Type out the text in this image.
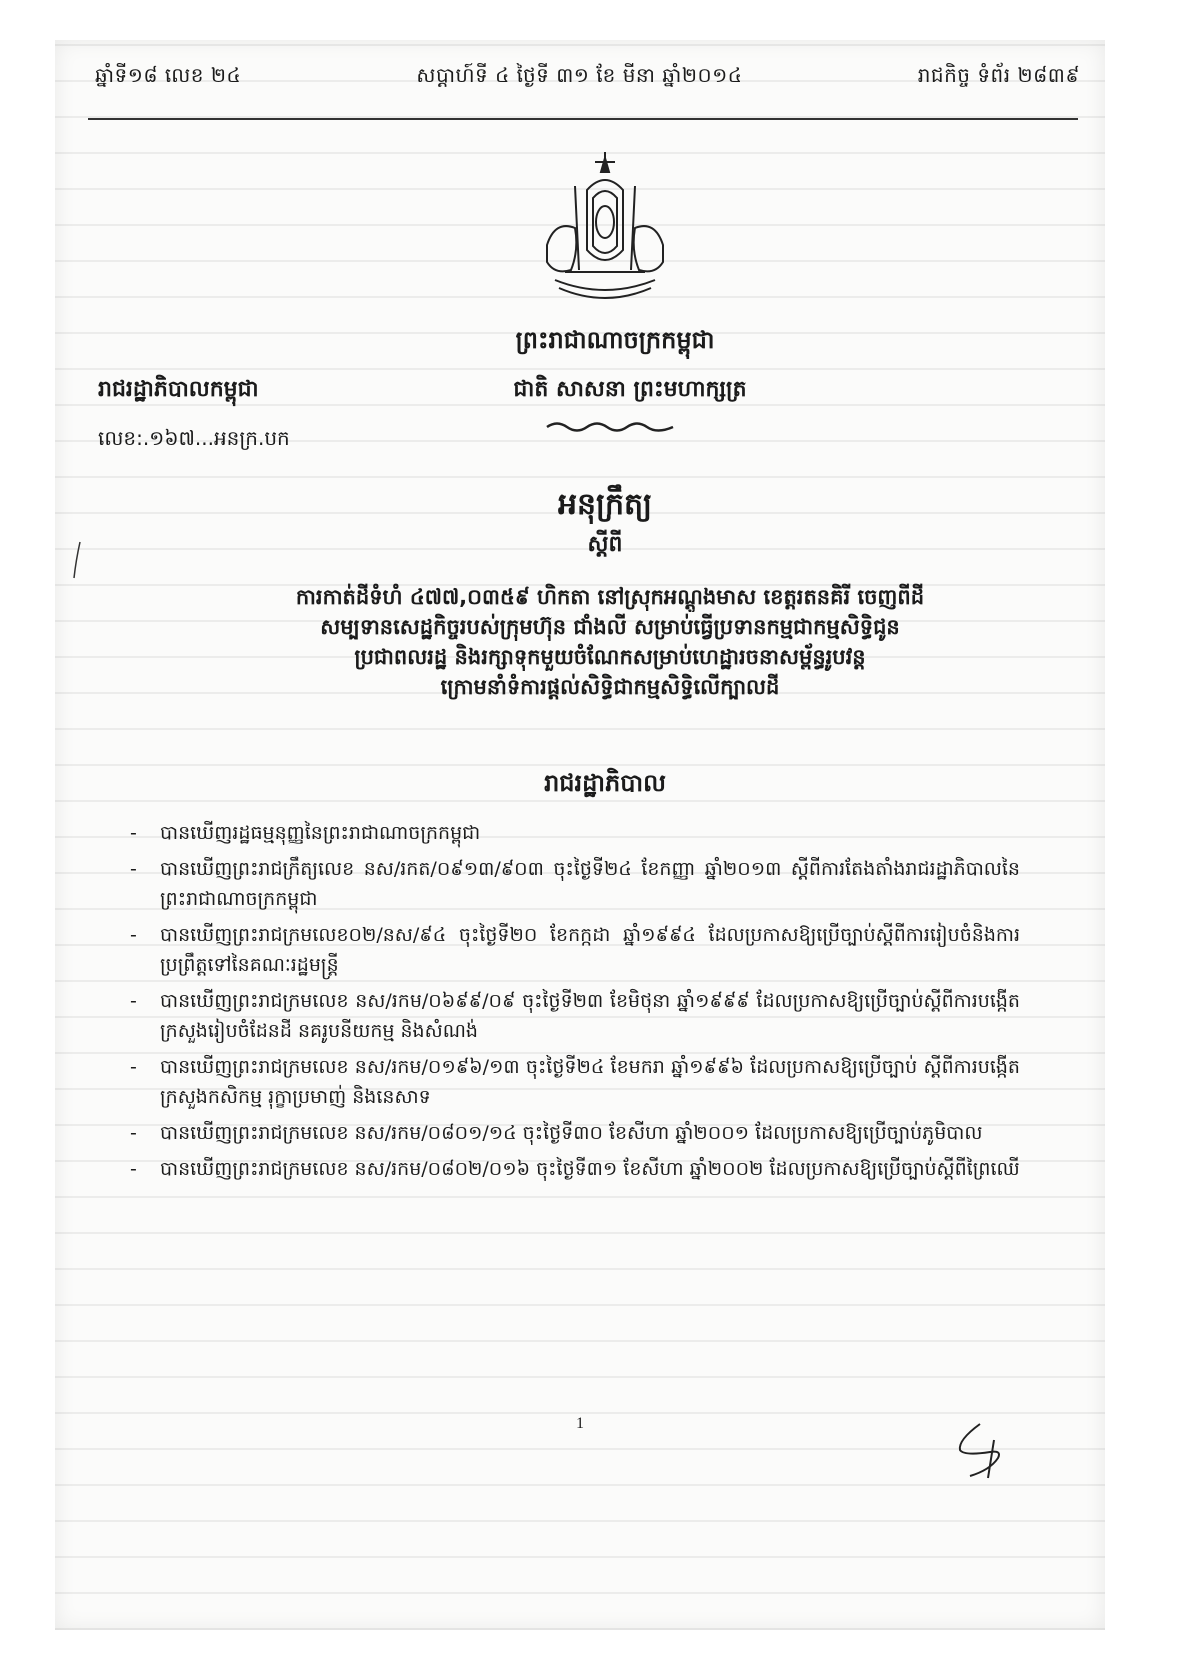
ឆ្នាំទី១៨ លេខ ២៤	សប្តាហ៍ទី ៤ ថ្ងៃទី ៣១ ខែ មីនា ឆ្នាំ២០១៤	រាជកិច្ច ទំព័រ ២៨៣៩
ព្រះរាជាណាចក្រកម្ពុជា
រាជរដ្ឋាភិបាលកម្ពុជា	ជាតិ សាសនា ព្រះមហាក្សត្រ
លេខ:.១៦៧...អនក្រ.បក
អនុក្រឹត្យ
ស្តីពី
ការកាត់ដីទំហំ ៤៧៧,០៣៥៩ ហិកតា នៅស្រុកអណ្តូងមាស ខេត្តរតនគិរី ចេញពីដី
សម្បទានសេដ្ឋកិច្ចរបស់ក្រុមហ៊ុន ជាំងលី សម្រាប់ធ្វើប្រទានកម្មជាកម្មសិទ្ធិជូន
ប្រជាពលរដ្ឋ និងរក្សាទុកមួយចំណែកសម្រាប់ហេដ្ឋារចនាសម្ព័ន្ធរូបវន្ត
ក្រោមនាំទំការផ្តល់សិទ្ធិជាកម្មសិទ្ធិលើក្បាលដី
រាជរដ្ឋាភិបាល
- បានឃើញរដ្ឋធម្មនុញ្ញនៃព្រះរាជាណាចក្រកម្ពុជា
- បានឃើញព្រះរាជក្រឹត្យលេខ នស/រកត/០៩១៣/៩០៣ ចុះថ្ងៃទី២៤ ខែកញ្ញា ឆ្នាំ២០១៣ ស្តីពីការតែងតាំងរាជរដ្ឋាភិបាលនៃព្រះរាជាណាចក្រកម្ពុជា
- បានឃើញព្រះរាជក្រមលេខ០២/នស/៩៤ ចុះថ្ងៃទី២០ ខែកក្កដា ឆ្នាំ១៩៩៤ ដែលប្រកាសឱ្យប្រើច្បាប់ស្តីពីការរៀបចំនិងការប្រព្រឹត្តទៅនៃគណៈរដ្ឋមន្ត្រី
- បានឃើញព្រះរាជក្រមលេខ នស/រកម/០៦៩៩/០៩ ចុះថ្ងៃទី២៣ ខែមិថុនា ឆ្នាំ១៩៩៩ ដែលប្រកាសឱ្យប្រើច្បាប់ស្តីពីការបង្កើតក្រសួងរៀបចំដែនដី នគរូបនីយកម្ម និងសំណង់
- បានឃើញព្រះរាជក្រមលេខ នស/រកម/០១៩៦/១៣ ចុះថ្ងៃទី២៤ ខែមករា ឆ្នាំ១៩៩៦ ដែលប្រកាសឱ្យប្រើច្បាប់ ស្តីពីការបង្កើតក្រសួងកសិកម្ម រុក្ខាប្រមាញ់ និងនេសាទ
- បានឃើញព្រះរាជក្រមលេខ នស/រកម/០៨០១/១៤ ចុះថ្ងៃទី៣០ ខែសីហា ឆ្នាំ២០០១ ដែលប្រកាសឱ្យប្រើច្បាប់ភូមិបាល
- បានឃើញព្រះរាជក្រមលេខ នស/រកម/០៨០២/០១៦ ចុះថ្ងៃទី៣១ ខែសីហា ឆ្នាំ២០០២ ដែលប្រកាសឱ្យប្រើច្បាប់ស្តីពីព្រៃឈើ
1
